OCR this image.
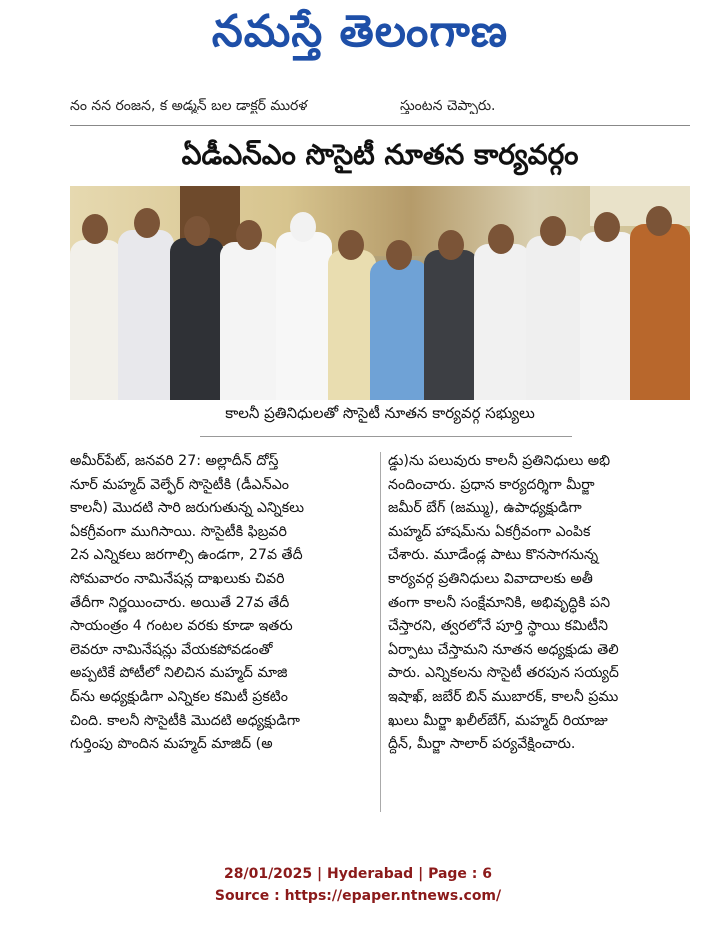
నమస్తే తెలంగాణ
నం నన రంజన, క అడ్మన్ బల డాక్టర్ మురళ	స్తుంటన చెప్పారు.
ఏడీఎన్‌ఎం సొసైటీ నూతన కార్యవర్గం
కాలనీ ప్రతినిధులతో సొసైటీ నూతన కార్యవర్గ సభ్యులు
అమీర్‌పేట్, జనవరి 27: అల్లాదీన్ దోస్త్
నూర్ మహ్మద్ వెల్ఫేర్ సొసైటీకి (డీఎన్‌ఎం
కాలనీ) మొదటి సారి జరుగుతున్న ఎన్నికలు
ఏకగ్రీవంగా ముగిసాయి. సొసైటీకి ఫిబ్రవరి
2న ఎన్నికలు జరగాల్సి ఉండగా, 27వ తేదీ
సోమవారం నామినేషన్ల దాఖలుకు చివరి
తేదీగా నిర్ణయించారు. అయితే 27వ తేదీ
సాయంత్రం 4 గంటల వరకు కూడా ఇతరు
లెవరూ నామినేషన్లు వేయకపోవడంతో
అప్పటికే పోటీలో నిలిచిన మహ్మద్ మాజి
ద్‌ను అధ్యక్షుడిగా ఎన్నికల కమిటీ ప్రకటిం
చింది. కాలనీ సొసైటీకి మొదటి అధ్యక్షుడిగా
గుర్తింపు పొందిన మహ్మద్ మాజిద్ (అ
డ్డు)ను పలువురు కాలనీ ప్రతినిధులు అభి
నందించారు. ప్రధాన కార్యదర్శిగా మీర్జా
జమీర్ బేగ్ (జమ్ము), ఉపాధ్యక్షుడిగా
మహ్మద్ హాషమ్‌ను ఏకగ్రీవంగా ఎంపిక
చేశారు. మూడేండ్ల పాటు కొనసాగనున్న
కార్యవర్గ ప్రతినిధులు వివాదాలకు అతీ
తంగా కాలనీ సంక్షేమానికి, అభివృద్ధికి పని
చేస్తారని, త్వరలోనే పూర్తి స్థాయి కమిటీని
ఏర్పాటు చేస్తామని నూతన అధ్యక్షుడు తెలి
పారు. ఎన్నికలను సొసైటీ తరపున సయ్యద్
ఇషాఖ్, జబేర్ బిన్ ముబారక్, కాలనీ ప్రము
ఖులు మీర్జా ఖలీల్‌బేగ్, మహ్మద్ రియాజు
ద్దీన్, మీర్జా సాలార్ పర్యవేక్షించారు.
28/01/2025 | Hyderabad | Page : 6
Source : https://epaper.ntnews.com/
